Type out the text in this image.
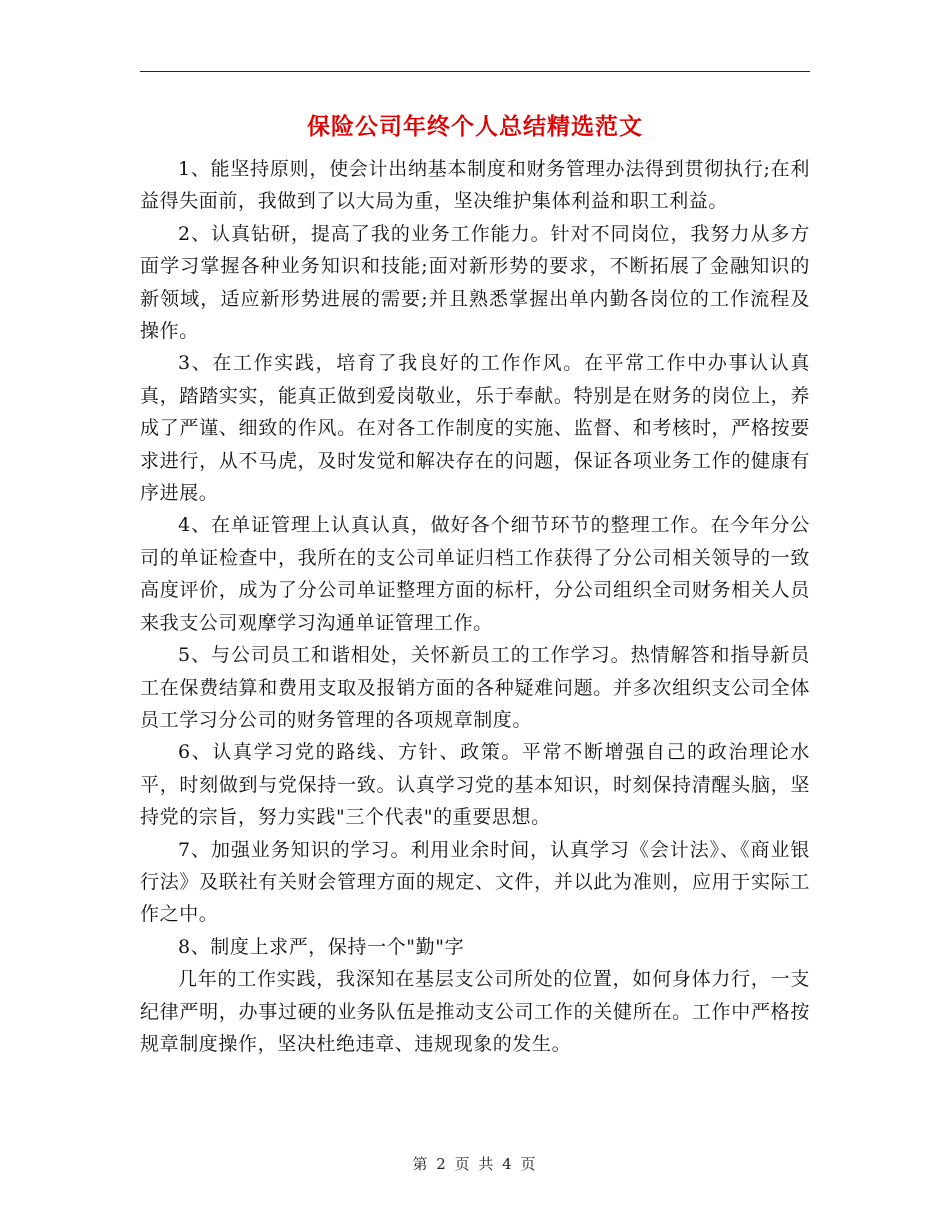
保险公司年终个人总结精选范文

1、能坚持原则，使会计出纳基本制度和财务管理办法得到贯彻执行;在利益得失面前，我做到了以大局为重，坚决维护集体利益和职工利益。

2、认真钻研，提高了我的业务工作能力。针对不同岗位，我努力从多方面学习掌握各种业务知识和技能;面对新形势的要求，不断拓展了金融知识的新领域，适应新形势进展的需要;并且熟悉掌握出单内勤各岗位的工作流程及操作。

3、在工作实践，培育了我良好的工作作风。在平常工作中办事认认真真，踏踏实实，能真正做到爱岗敬业，乐于奉献。特别是在财务的岗位上，养成了严谨、细致的作风。在对各工作制度的实施、监督、和考核时，严格按要求进行，从不马虎，及时发觉和解决存在的问题，保证各项业务工作的健康有序进展。

4、在单证管理上认真认真，做好各个细节环节的整理工作。在今年分公司的单证检查中，我所在的支公司单证归档工作获得了分公司相关领导的一致高度评价，成为了分公司单证整理方面的标杆，分公司组织全司财务相关人员来我支公司观摩学习沟通单证管理工作。

5、与公司员工和谐相处，关怀新员工的工作学习。热情解答和指导新员工在保费结算和费用支取及报销方面的各种疑难问题。并多次组织支公司全体员工学习分公司的财务管理的各项规章制度。

6、认真学习党的路线、方针、政策。平常不断增强自己的政治理论水平，时刻做到与党保持一致。认真学习党的基本知识，时刻保持清醒头脑，坚持党的宗旨，努力实践"三个代表"的重要思想。

7、加强业务知识的学习。利用业余时间，认真学习《会计法》、《商业银行法》及联社有关财会管理方面的规定、文件，并以此为准则，应用于实际工作之中。

8、制度上求严，保持一个"勤"字

几年的工作实践，我深知在基层支公司所处的位置，如何身体力行，一支纪律严明，办事过硬的业务队伍是推动支公司工作的关健所在。工作中严格按规章制度操作，坚决杜绝违章、违规现象的发生。

第 2 页 共 4 页
